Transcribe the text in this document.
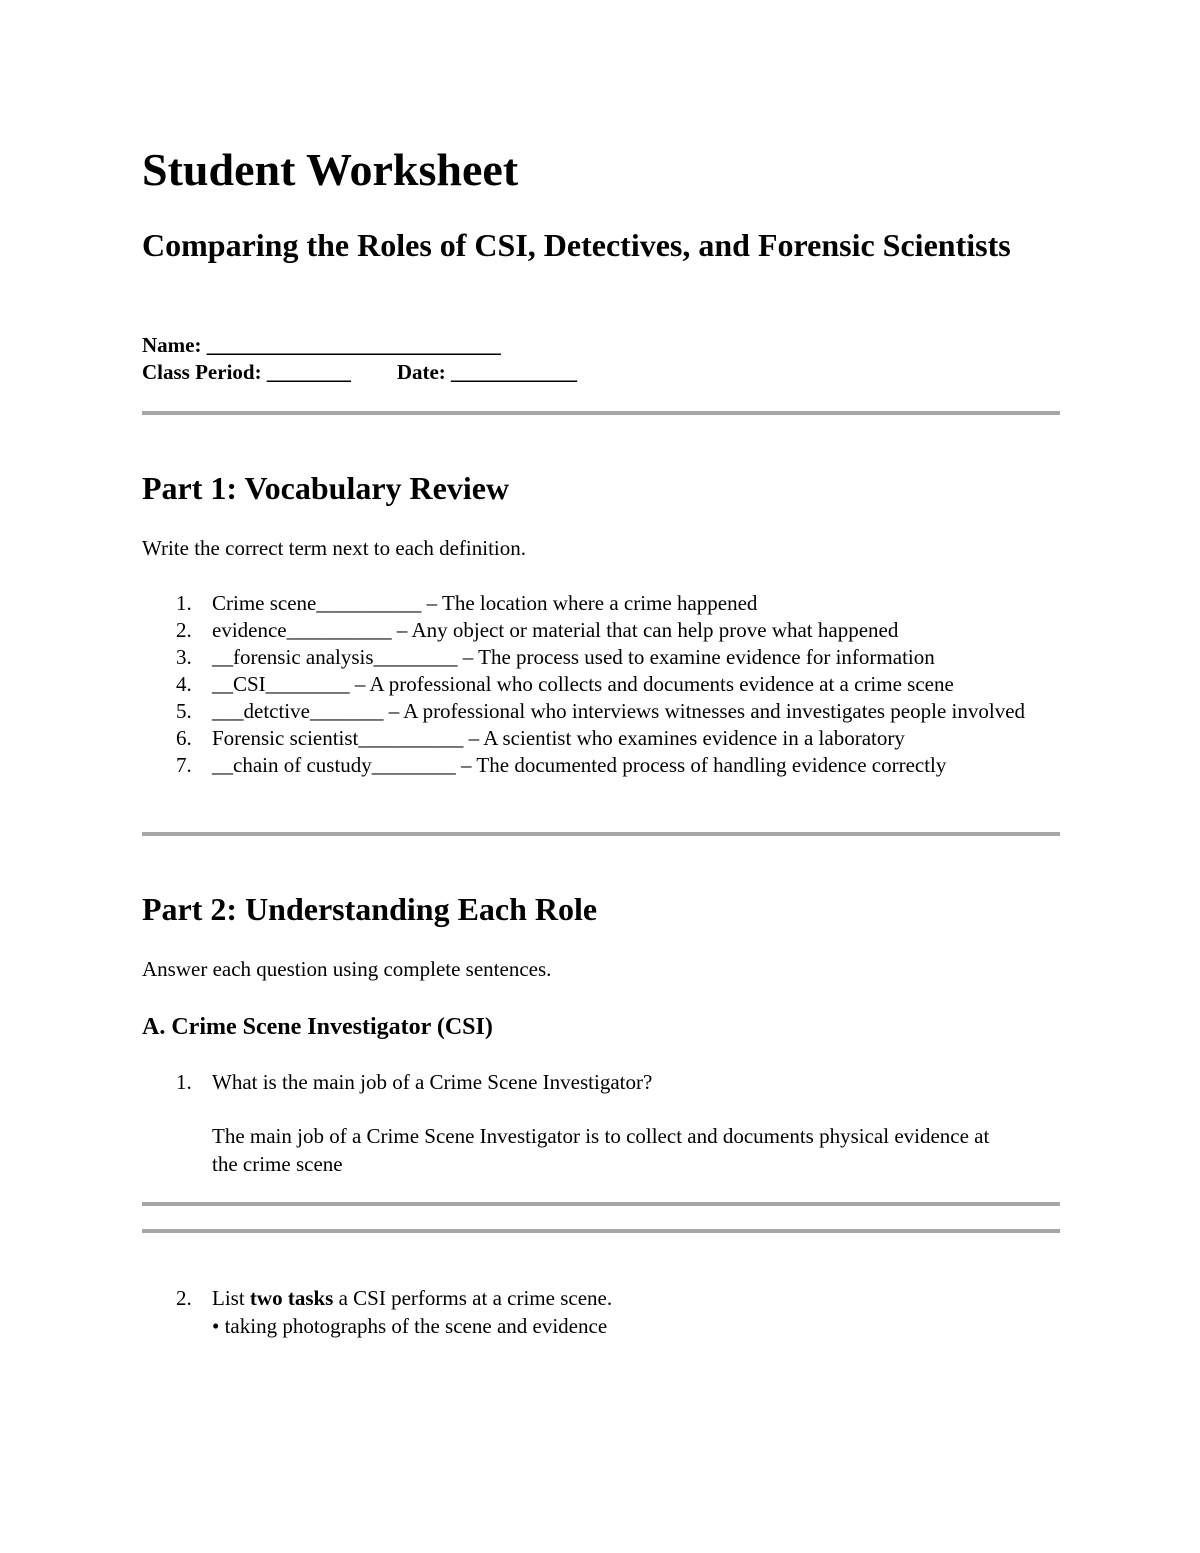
Student Worksheet
Comparing the Roles of CSI, Detectives, and Forensic Scientists
Name: ____________________________
Class Period: ________ Date: ____________
Part 1: Vocabulary Review
Write the correct term next to each definition.
1. Crime scene__________ – The location where a crime happened
2. evidence__________ – Any object or material that can help prove what happened
3. __forensic analysis________ – The process used to examine evidence for information
4. __CSI________ – A professional who collects and documents evidence at a crime scene
5. ___detctive_______ – A professional who interviews witnesses and investigates people involved
6. Forensic scientist__________ – A scientist who examines evidence in a laboratory
7. __chain of custudy________ – The documented process of handling evidence correctly
Part 2: Understanding Each Role
Answer each question using complete sentences.
A. Crime Scene Investigator (CSI)
1. What is the main job of a Crime Scene Investigator?
The main job of a Crime Scene Investigator is to collect and documents physical evidence at the crime scene
2. List two tasks a CSI performs at a crime scene.
• taking photographs of the scene and evidence
